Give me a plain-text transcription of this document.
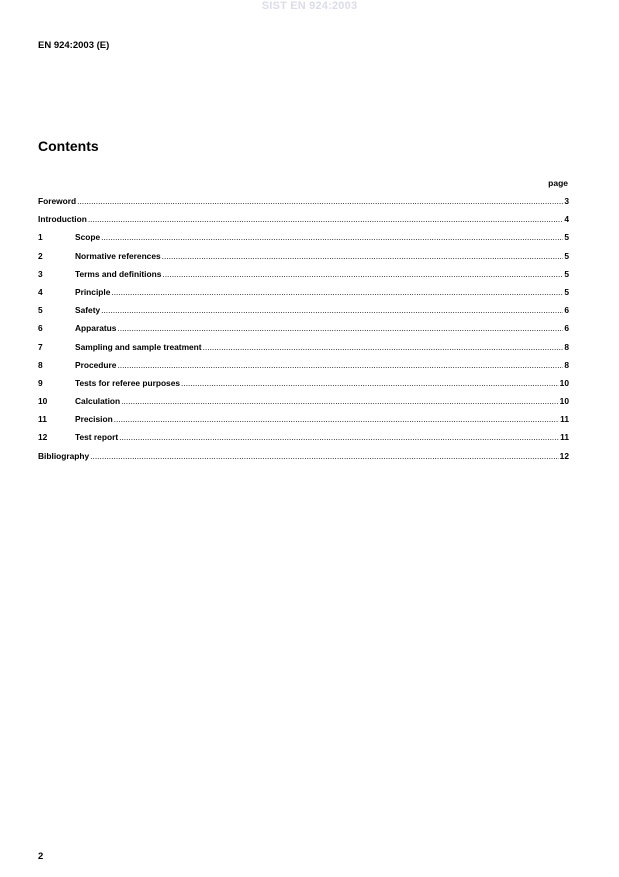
SIST EN 924:2003
EN 924:2003 (E)
Contents
page
Foreword .....	3
Introduction .....	4
1	Scope .....	5
2	Normative references .....	5
3	Terms and definitions .....	5
4	Principle .....	5
5	Safety .....	6
6	Apparatus .....	6
7	Sampling and sample treatment .....	8
8	Procedure .....	8
9	Tests for referee purposes .....	10
10	Calculation .....	10
11	Precision .....	11
12	Test report .....	11
Bibliography .....	12
2
